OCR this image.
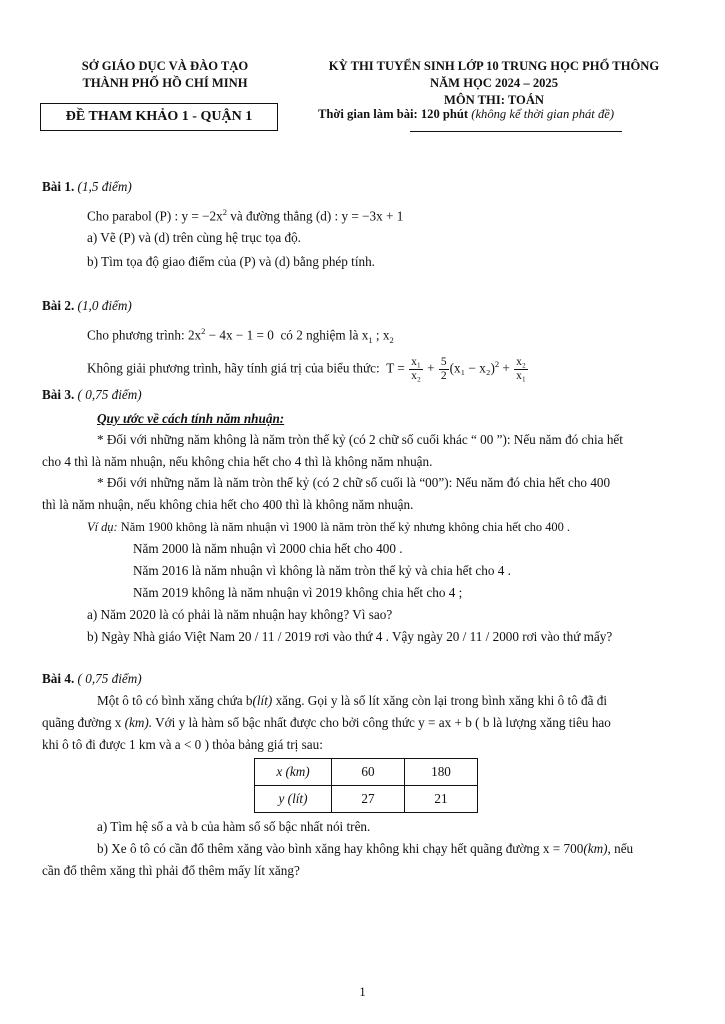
SỞ GIÁO DỤC VÀ ĐÀO TẠO
THÀNH PHỐ HỒ CHÍ MINH
KỲ THI TUYỂN SINH LỚP 10 TRUNG HỌC PHỔ THÔNG
NĂM HỌC 2024 – 2025
MÔN THI: TOÁN
ĐỀ THAM KHẢO 1 - QUẬN 1	Thời gian làm bài: 120 phút (không kể thời gian phát đề)
Bài 1. (1,5 điểm)
Cho parabol (P) : $y = -2x^2$ và đường thẳng (d) : y = −3x + 1
a) Vẽ (P) và (d) trên cùng hệ trục tọa độ.
b) Tìm tọa độ giao điểm của (P) và (d) bằng phép tính.
Bài 2. (1,0 điểm)
Cho phương trình: $2x^2 - 4x - 1 = 0$ có 2 nghiệm là $x_1$ ; $x_2$
Không giải phương trình, hãy tính giá trị của biểu thức: $T = \frac{\text{x₁}}{\text{x₂}} + \frac{5}{2} (x_1 - x_2)^2 + \frac{\text{x₂}}{\text{x₁}}$
Bài 3. ( 0,75 điểm)
Quy ước về cách tính năm nhuận:
* Đối với những năm không là năm tròn thế kỷ (có 2 chữ số cuối khác “ 00 ”): Nếu năm đó chia hết
cho 4 thì là năm nhuận, nếu không chia hết cho 4 thì là không năm nhuận.
* Đối với những năm là năm tròn thế kỷ (có 2 chữ số cuối là “00”): Nếu năm đó chia hết cho 400
thì là năm nhuận, nếu không chia hết cho 400 thì là không năm nhuận.
Ví dụ: Năm 1900 không là năm nhuận vì 1900 là năm tròn thế kỷ nhưng không chia hết cho 400 .
Năm 2000 là năm nhuận vì 2000 chia hết cho 400 .
Năm 2016 là năm nhuận vì không là năm tròn thế kỷ và chia hết cho 4 .
Năm 2019 không là năm nhuận vì 2019 không chia hết cho 4 ;
a) Năm 2020 là có phải là năm nhuận hay không? Vì sao?
b) Ngày Nhà giáo Việt Nam 20 / 11 / 2019 rơi vào thứ 4 . Vậy ngày 20 / 11 / 2000 rơi vào thứ mấy?
Bài 4. ( 0,75 điểm)
Một ô tô có bình xăng chứa b(lít) xăng. Gọi y là số lít xăng còn lại trong bình xăng khi ô tô đã đi
quãng đường x (km). Với y là hàm số bậc nhất được cho bởi công thức y = ax + b ( b là lượng xăng tiêu hao
khi ô tô đi được 1 km và a < 0 ) thỏa bảng giá trị sau:
x (km)	60	180
y (lít)	27	21
a) Tìm hệ số a và b của hàm số số bậc nhất nói trên.
b) Xe ô tô có cần đổ thêm xăng vào bình xăng hay không khi chạy hết quãng đường x = 700(km), nếu
cần đổ thêm xăng thì phải đổ thêm mấy lít xăng?
1
